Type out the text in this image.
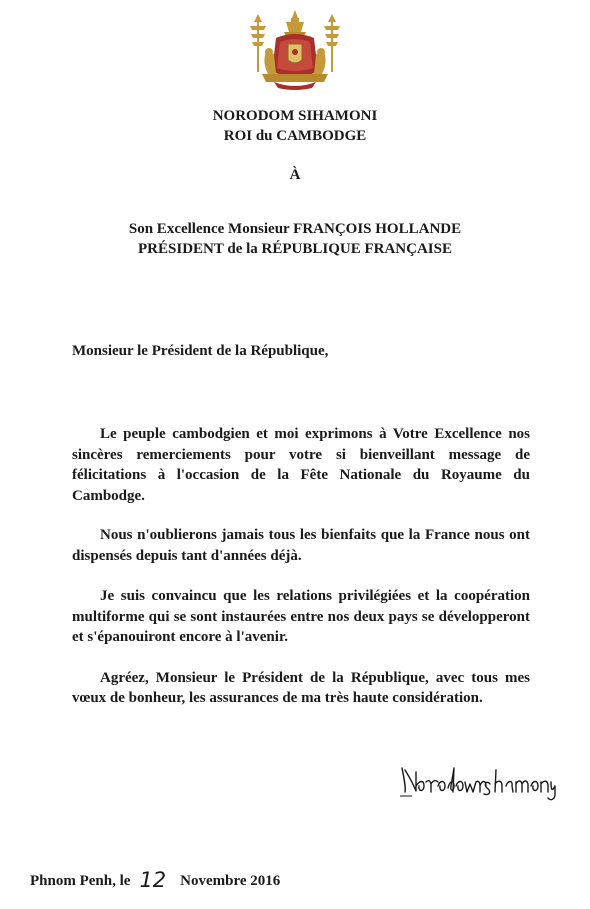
NORODOM SIHAMONI
ROI du CAMBODGE
À
Son Excellence Monsieur FRANÇOIS HOLLANDE
PRÉSIDENT de la RÉPUBLIQUE FRANÇAISE
Monsieur le Président de la République,

Le peuple cambodgien et moi exprimons à Votre Excellence nos sincères remerciements pour votre si bienveillant message de félicitations à l'occasion de la Fête Nationale du Royaume du Cambodge.

Nous n'oublierons jamais tous les bienfaits que la France nous ont dispensés depuis tant d'années déjà.

Je suis convaincu que les relations privilégiées et la coopération multiforme qui se sont instaurées entre nos deux pays se développeront et s'épanouiront encore à l'avenir.

Agréez, Monsieur le Président de la République, avec tous mes vœux de bonheur, les assurances de ma très haute considération.

Phnom Penh, le 12 Novembre 2016
